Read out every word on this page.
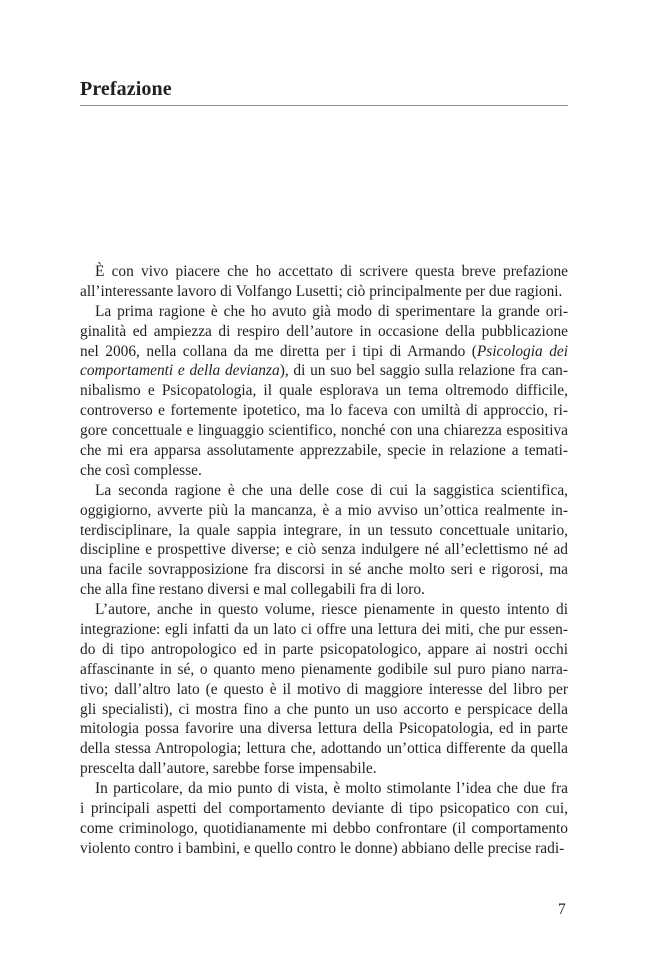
Prefazione
È con vivo piacere che ho accettato di scrivere questa breve prefazione
all’interessante lavoro di Volfango Lusetti; ciò principalmente per due ragioni.
La prima ragione è che ho avuto già modo di sperimentare la grande ori-
ginalità ed ampiezza di respiro dell’autore in occasione della pubblicazione
nel 2006, nella collana da me diretta per i tipi di Armando (Psicologia dei
comportamenti e della devianza), di un suo bel saggio sulla relazione fra can-
nibalismo e Psicopatologia, il quale esplorava un tema oltremodo difficile,
controverso e fortemente ipotetico, ma lo faceva con umiltà di approccio, ri-
gore concettuale e linguaggio scientifico, nonché con una chiarezza espositiva
che mi era apparsa assolutamente apprezzabile, specie in relazione a temati-
che così complesse.
La seconda ragione è che una delle cose di cui la saggistica scientifica,
oggigiorno, avverte più la mancanza, è a mio avviso un’ottica realmente in-
terdisciplinare, la quale sappia integrare, in un tessuto concettuale unitario,
discipline e prospettive diverse; e ciò senza indulgere né all’eclettismo né ad
una facile sovrapposizione fra discorsi in sé anche molto seri e rigorosi, ma
che alla fine restano diversi e mal collegabili fra di loro.
L’autore, anche in questo volume, riesce pienamente in questo intento di
integrazione: egli infatti da un lato ci offre una lettura dei miti, che pur essen-
do di tipo antropologico ed in parte psicopatologico, appare ai nostri occhi
affascinante in sé, o quanto meno pienamente godibile sul puro piano narra-
tivo; dall’altro lato (e questo è il motivo di maggiore interesse del libro per
gli specialisti), ci mostra fino a che punto un uso accorto e perspicace della
mitologia possa favorire una diversa lettura della Psicopatologia, ed in parte
della stessa Antropologia; lettura che, adottando un’ottica differente da quella
prescelta dall’autore, sarebbe forse impensabile.
In particolare, da mio punto di vista, è molto stimolante l’idea che due fra
i principali aspetti del comportamento deviante di tipo psicopatico con cui,
come criminologo, quotidianamente mi debbo confrontare (il comportamento
violento contro i bambini, e quello contro le donne) abbiano delle precise radi-
7
